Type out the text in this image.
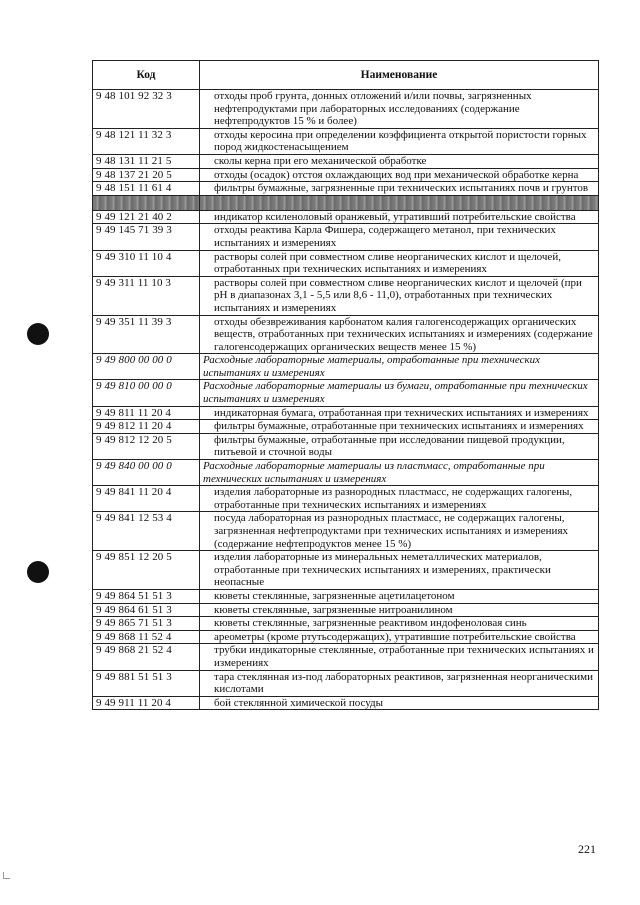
Код	Наименование
9 48 101 92 32 3	отходы проб грунта, донных отложений и/или почвы, загрязненных нефтепродуктами при лабораторных исследованиях (содержание нефтепродуктов 15 % и более)
9 48 121 11 32 3	отходы керосина при определении коэффициента открытой пористости горных пород жидкостенасыщением
9 48 131 11 21 5	сколы керна при его механической обработке
9 48 137 21 20 5	отходы (осадок) отстоя охлаждающих вод при механической обработке керна
9 48 151 11 61 4	фильтры бумажные, загрязненные при технических испытаниях почв и грунтов

9 49 121 21 40 2	индикатор ксиленоловый оранжевый, утративший потребительские свойства
9 49 145 71 39 3	отходы реактива Карла Фишера, содержащего метанол, при технических испытаниях и измерениях
9 49 310 11 10 4	растворы солей при совместном сливе неорганических кислот и щелочей, отработанных при технических испытаниях и измерениях
9 49 311 11 10 3	растворы солей при совместном сливе неорганических кислот и щелочей (при pH в диапазонах 3,1 - 5,5 или 8,6 - 11,0), отработанных при технических испытаниях и измерениях
9 49 351 11 39 3	отходы обезвреживания карбонатом калия галогенсодержащих органических веществ, отработанных при технических испытаниях и измерениях (содержание галогенсодержащих органических веществ менее 15 %)
9 49 800 00 00 0	Расходные лабораторные материалы, отработанные при технических испытаниях и измерениях
9 49 810 00 00 0	Расходные лабораторные материалы из бумаги, отработанные при технических испытаниях и измерениях
9 49 811 11 20 4	индикаторная бумага, отработанная при технических испытаниях и измерениях
9 49 812 11 20 4	фильтры бумажные, отработанные при технических испытаниях и измерениях
9 49 812 12 20 5	фильтры бумажные, отработанные при исследовании пищевой продукции, питьевой и сточной воды
9 49 840 00 00 0	Расходные лабораторные материалы из пластмасс, отработанные при технических испытаниях и измерениях
9 49 841 11 20 4	изделия лабораторные из разнородных пластмасс, не содержащих галогены, отработанные при технических испытаниях и измерениях
9 49 841 12 53 4	посуда лабораторная из разнородных пластмасс, не содержащих галогены, загрязненная нефтепродуктами при технических испытаниях и измерениях (содержание нефтепродуктов менее 15 %)
9 49 851 12 20 5	изделия лабораторные из минеральных неметаллических материалов, отработанные при технических испытаниях и измерениях, практически неопасные
9 49 864 51 51 3	кюветы стеклянные, загрязненные ацетилацетоном
9 49 864 61 51 3	кюветы стеклянные, загрязненные нитроанилином
9 49 865 71 51 3	кюветы стеклянные, загрязненные реактивом индофеноловая синь
9 49 868 11 52 4	ареометры (кроме ртутьсодержащих), утратившие потребительские свойства
9 49 868 21 52 4	трубки индикаторные стеклянные, отработанные при технических испытаниях и измерениях
9 49 881 51 51 3	тара стеклянная из-под лабораторных реактивов, загрязненная неорганическими кислотами
9 49 911 11 20 4	бой стеклянной химической посуды
221
